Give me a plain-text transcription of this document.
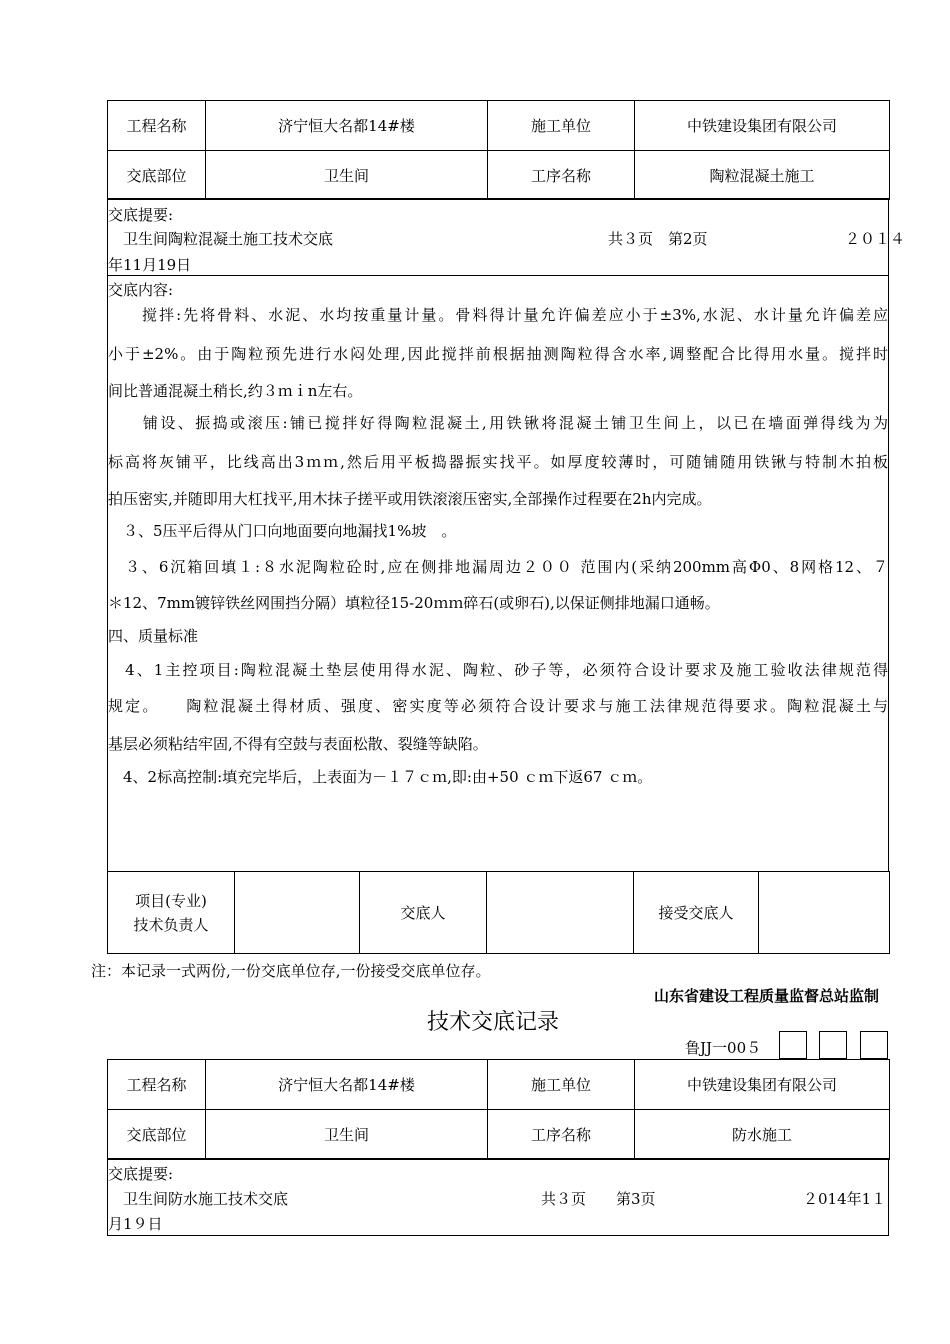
工程名称	济宁恒大名都14#楼	施工单位	中铁建设集团有限公司
交底部位	卫生间	工序名称	陶粒混凝土施工
交底提要:
卫生间陶粒混凝土施工技术交底	共３页　第2页	２０１４
年11月19日
交底内容:
　　搅拌:先将骨料、水泥、水均按重量计量。骨料得计量允许偏差应小于±3%,水泥、水计量允许偏差应
小于±2%。由于陶粒预先进行水闷处理,因此搅拌前根据抽测陶粒得含水率,调整配合比得用水量。搅拌时
间比普通混凝土稍长,约３ｍｉn左右。
　　铺设、振捣或滚压:铺已搅拌好得陶粒混凝土,用铁锹将混凝土铺卫生间上，以已在墙面弹得线为为
标高将灰铺平，比线高出3ｍｍ,然后用平板捣器振实找平。如厚度较薄时，可随铺随用铁锹与特制木拍板
拍压密实,并随即用大杠找平,用木抹子搓平或用铁滚滚压密实,全部操作过程要在2h内完成。
　３、5压平后得从门口向地面要向地漏找1%坡　。
　３、6沉箱回填１:８水泥陶粒砼时,应在侧排地漏周边２００ 范围内(采纳200mm高Φ0、8网格12、７
＊12、7mm镀锌铁丝网围挡分隔）填粒径15-20ｍｍ碎石(或卵石),以保证侧排地漏口通畅。
四、质量标准
　4、1主控项目:陶粒混凝土垫层使用得水泥、陶粒、砂子等，必须符合设计要求及施工验收法律规范得
规定。　　陶粒混凝土得材质、强度、密实度等必须符合设计要求与施工法律规范得要求。陶粒混凝土与
基层必须粘结牢固,不得有空鼓与表面松散、裂缝等缺陷。
　4、2标高控制:填充完毕后，上表面为－１７ｃｍ,即:由+50 ｃｍ下返67 ｃｍ。
项目(专业)
技术负责人
		交底人		接受交底人	
注：本记录一式两份,一份交底单位存,一份接受交底单位存。
山东省建设工程质量监督总站监制
技术交底记录
鲁JJ一00５
工程名称	济宁恒大名都14#楼	施工单位	中铁建设集团有限公司
交底部位	卫生间	工序名称	防水施工
交底提要:
卫生间防水施工技术交底	共３页　　第3页	２014年1１
月1９日
